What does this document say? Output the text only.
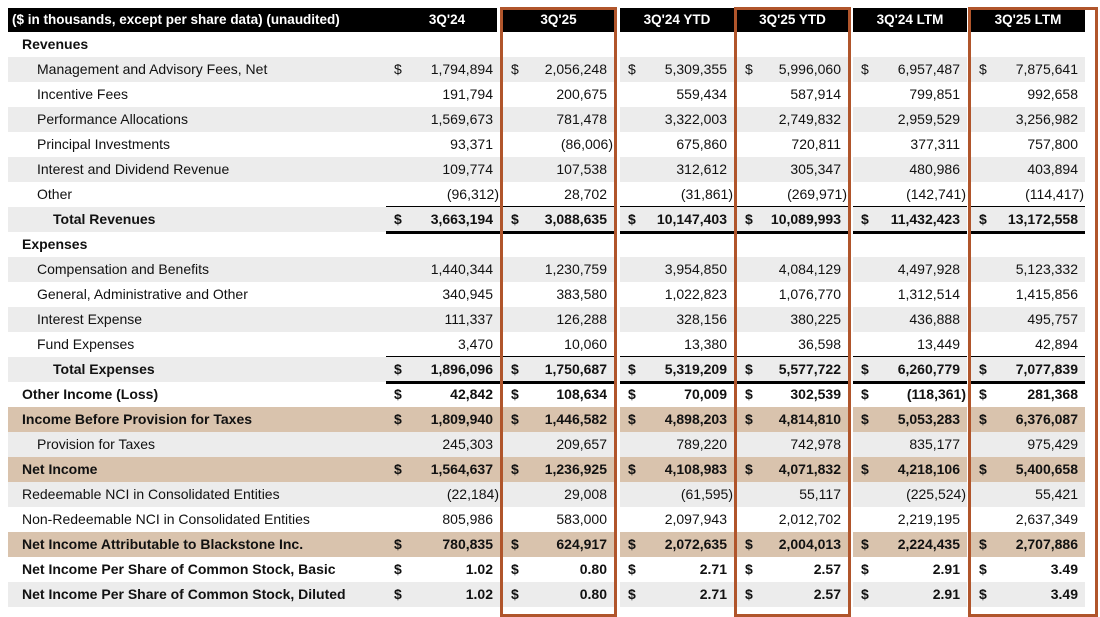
($ in thousands, except per share data) (unaudited)	3Q'24	3Q'25	3Q'24 YTD	3Q'25 YTD	3Q'24 LTM	3Q'25 LTM
Revenues
Management and Advisory Fees, Net	$ 1,794,894 $ 2,056,248 $ 5,309,355 $ 5,996,060 $ 6,957,487 $ 7,875,641
Incentive Fees	191,794	200,675	559,434	587,914	799,851	992,658
Performance Allocations	1,569,673	781,478	3,322,003	2,749,832	2,959,529	3,256,982
Principal Investments	93,371	(86,006)	675,860	720,811	377,311	757,800
Interest and Dividend Revenue	109,774	107,538	312,612	305,347	480,986	403,894
Other	(96,312)	28,702	(31,861)	(269,971)	(142,741)	(114,417)
Total Revenues	$ 3,663,194 $ 3,088,635 $ 10,147,403 $ 10,089,993 $ 11,432,423 $ 13,172,558
Expenses
Compensation and Benefits	1,440,344	1,230,759	3,954,850	4,084,129	4,497,928	5,123,332
General, Administrative and Other	340,945	383,580	1,022,823	1,076,770	1,312,514	1,415,856
Interest Expense	111,337	126,288	328,156	380,225	436,888	495,757
Fund Expenses	3,470	10,060	13,380	36,598	13,449	42,894
Total Expenses	$ 1,896,096 $ 1,750,687 $ 5,319,209 $ 5,577,722 $ 6,260,779 $ 7,077,839
Other Income (Loss)	$	42,842 $	108,634 $	70,009 $	302,539 $	(118,361) $	281,368
Income Before Provision for Taxes	$ 1,809,940 $ 1,446,582 $ 4,898,203 $ 4,814,810 $ 5,053,283 $ 6,376,087
Provision for Taxes	245,303	209,657	789,220	742,978	835,177	975,429
Net Income	$ 1,564,637 $ 1,236,925 $ 4,108,983 $ 4,071,832 $ 4,218,106 $ 5,400,658
Redeemable NCI in Consolidated Entities	(22,184)	29,008	(61,595)	55,117	(225,524)	55,421
Non-Redeemable NCI in Consolidated Entities	805,986	583,000	2,097,943	2,012,702	2,219,195	2,637,349
Net Income Attributable to Blackstone Inc.	$	780,835 $	624,917 $ 2,072,635 $ 2,004,013 $ 2,224,435 $ 2,707,886
Net Income Per Share of Common Stock, Basic	$	1.02 $	0.80 $	2.71 $	2.57 $	2.91 $	3.49
Net Income Per Share of Common Stock, Diluted	$	1.02 $	0.80 $	2.71 $	2.57 $	2.91 $	3.49
